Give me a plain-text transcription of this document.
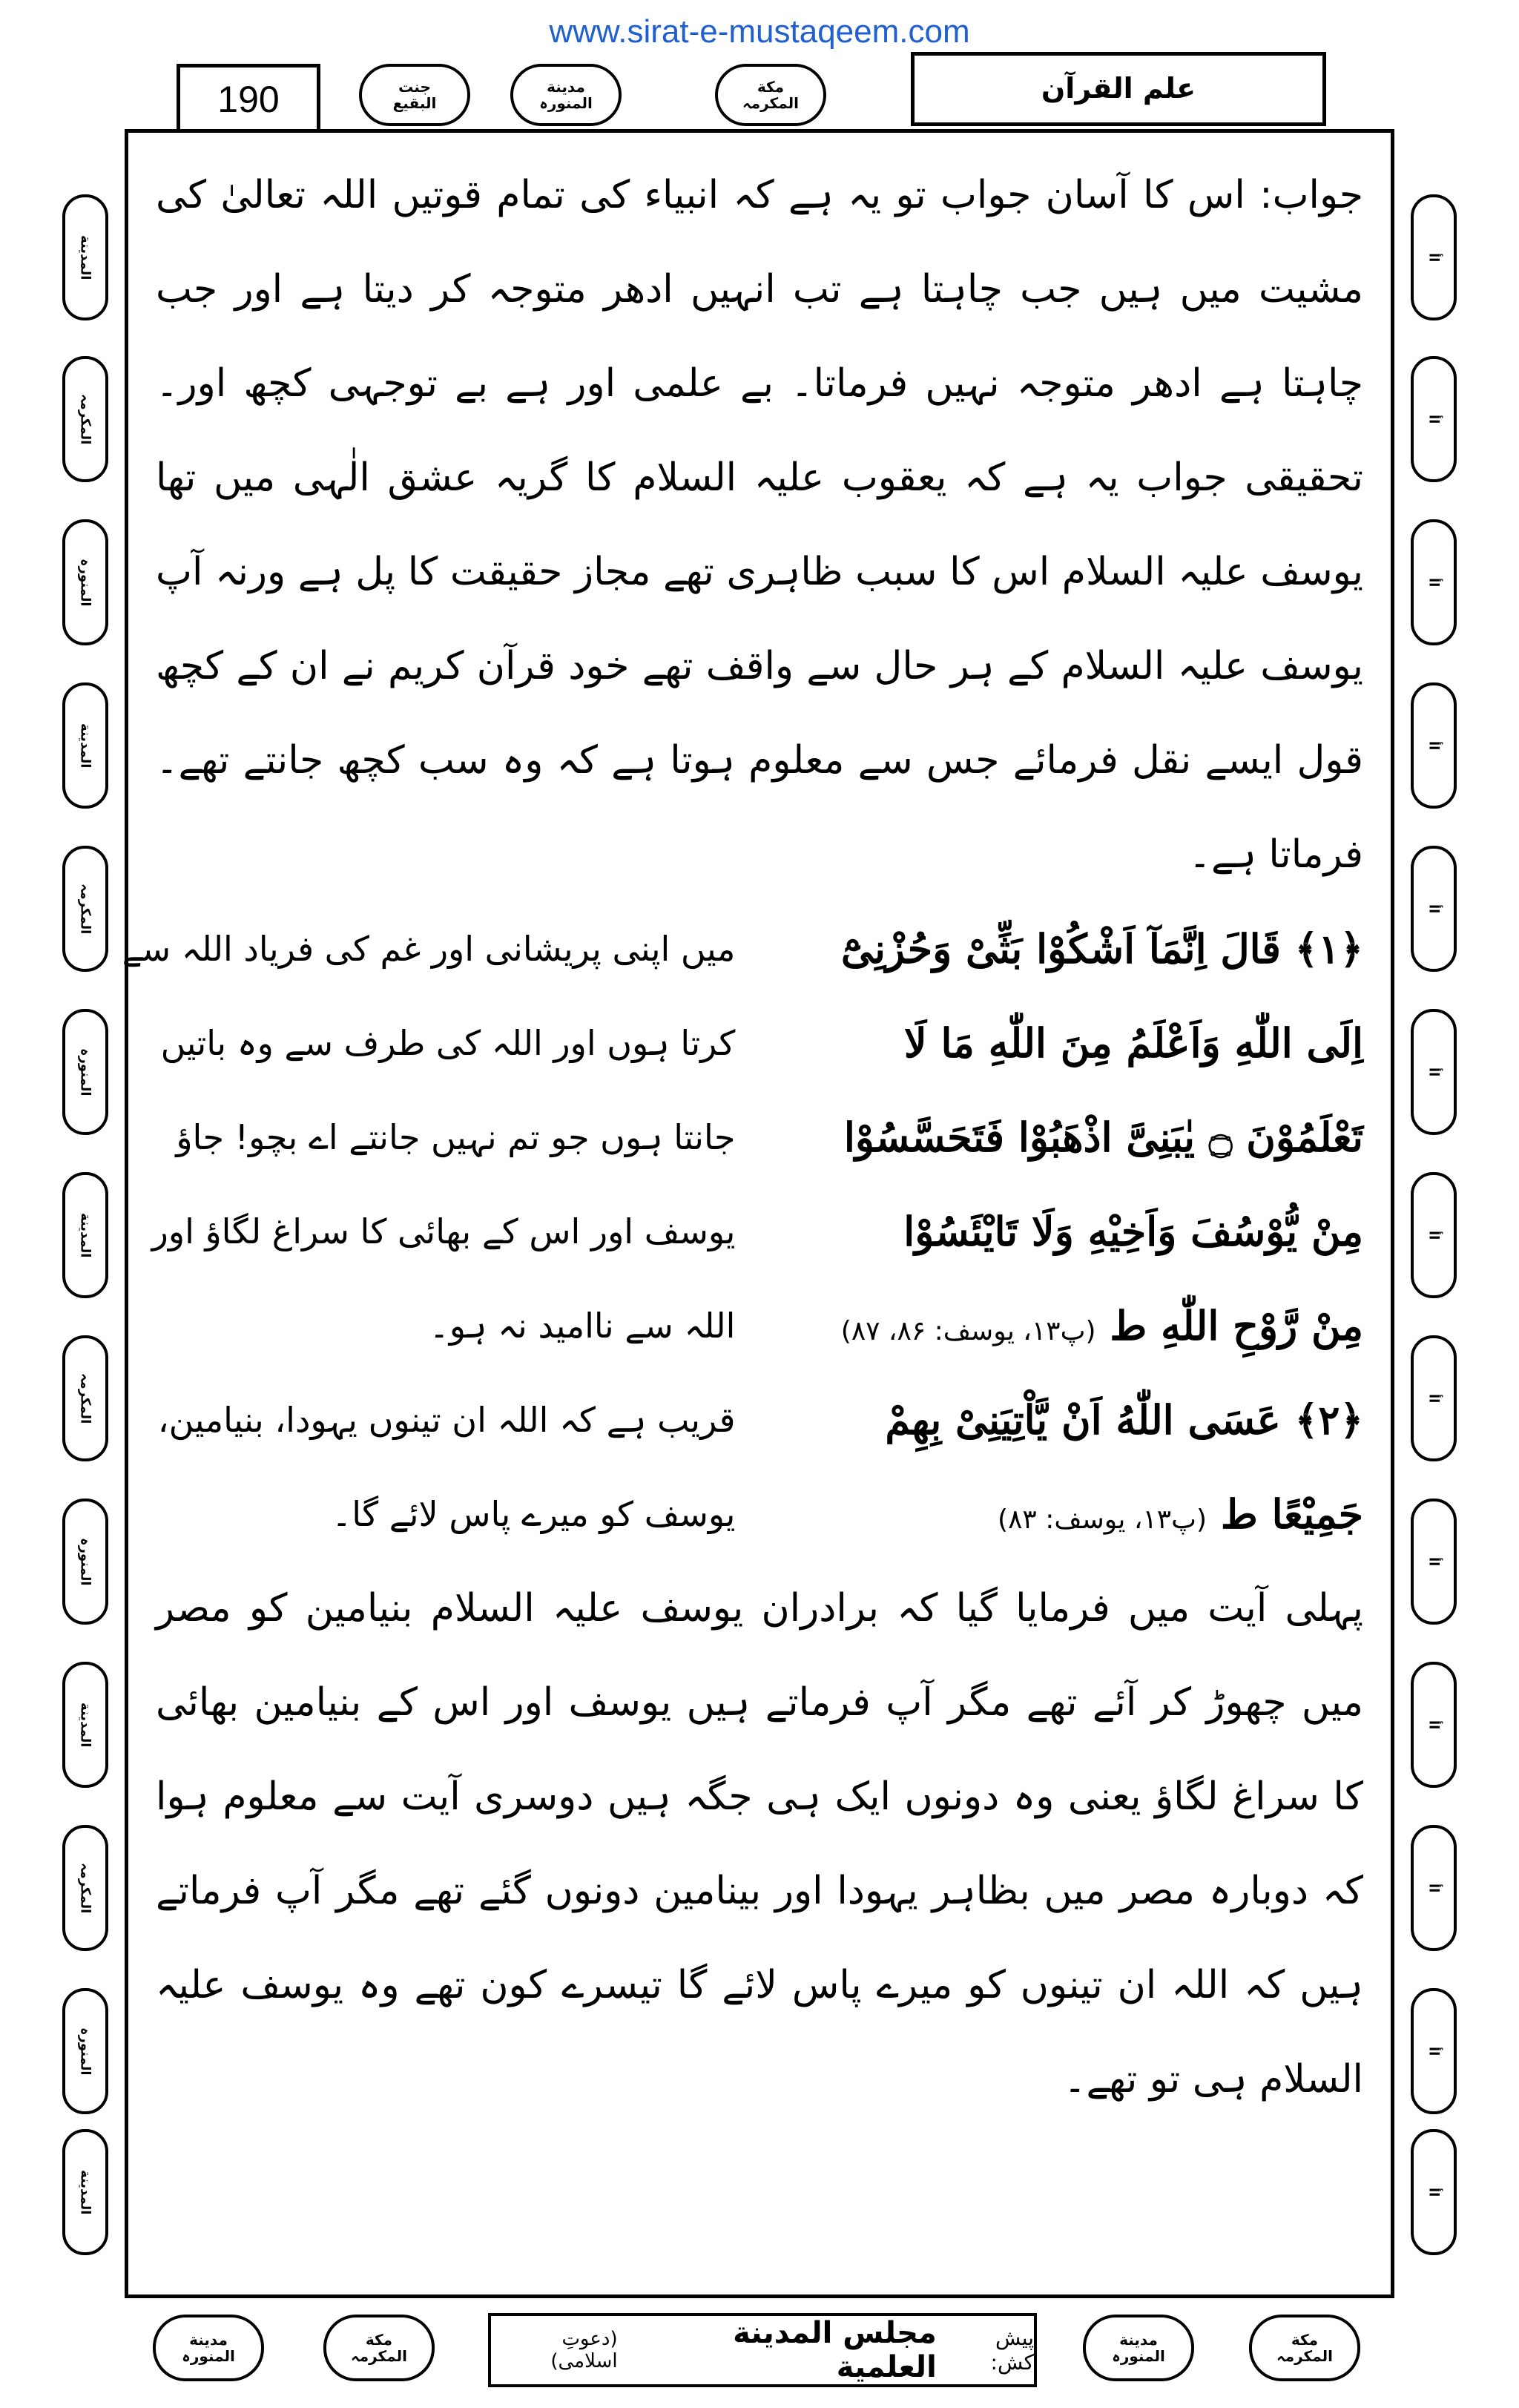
www.sirat-e-mustaqeem.com
190	جنت
البقیع
مدینة
المنورہ
مکة
المکرمہ	علم القرآن
المدینة
المکرمہ
المنورہ
المدینة
المکرمہ
المنورہ
المدینة
المکرمہ
المنورہ
المدینة
المکرمہ
المنورہ
المدینة
اأ
اأ
اأ
اأ
اأ
اأ
اأ
اأ
اأ
اأ
اأ
اأ
اأ

جواب: اس کا آسان جواب تو یہ ہے کہ انبیاء کی تمام قوتیں اللہ تعالیٰ کی مشیت میں ہیں جب چاہتا ہے تب انہیں ادھر متوجہ کر دیتا ہے اور جب چاہتا ہے ادھر متوجہ نہیں فرماتا۔ بے علمی اور ہے بے توجہی کچھ اور۔ تحقیقی جواب یہ ہے کہ یعقوب علیہ السلام کا گریہ عشق الٰہی میں تھا یوسف علیہ السلام اس کا سبب ظاہری تھے مجاز حقیقت کا پل ہے ورنہ آپ یوسف علیہ السلام کے ہر حال سے واقف تھے خود قرآن کریم نے ان کے کچھ قول ایسے نقل فرمائے جس سے معلوم ہوتا ہے کہ وہ سب کچھ جانتے تھے۔ فرماتا ہے۔

﴿۱﴾ قَالَ اِنَّمَآ اَشْكُوْا بَثِّیْ وَحُزْنِیْٓ
میں اپنی پریشانی اور غم کی فریاد اللہ سے
اِلَى اللّٰهِ وَاَعْلَمُ مِنَ اللّٰهِ مَا لَا
کرتا ہوں اور اللہ کی طرف سے وہ باتیں
تَعْلَمُوْنَ ۝ یٰبَنِیَّ اذْهَبُوْا فَتَحَسَّسُوْا
جانتا ہوں جو تم نہیں جانتے اے بچو! جاؤ
مِنْ یُّوْسُفَ وَاَخِیْهِ وَلَا تَایْئَسُوْا
یوسف اور اس کے بھائی کا سراغ لگاؤ اور
مِنْ رَّوْحِ اللّٰهِ ط (پ۱۳، یوسف: ۸۶، ۸۷)
اللہ سے ناامید نہ ہو۔
﴿۲﴾ عَسَى اللّٰهُ اَنْ یَّاْتِیَنِیْ بِهِمْ
قریب ہے کہ اللہ ان تینوں یہودا، بنیامین،
جَمِیْعًا ط (پ۱۳، یوسف: ۸۳)
یوسف کو میرے پاس لائے گا۔

پہلی آیت میں فرمایا گیا کہ برادران یوسف علیہ السلام بنیامین کو مصر میں چھوڑ کر آئے تھے مگر آپ فرماتے ہیں یوسف اور اس کے بنیامین بھائی کا سراغ لگاؤ یعنی وہ دونوں ایک ہی جگہ ہیں دوسری آیت سے معلوم ہوا کہ دوبارہ مصر میں بظاہر یہودا اور بینامین دونوں گئے تھے مگر آپ فرماتے ہیں کہ اللہ ان تینوں کو میرے پاس لائے گا تیسرے کون تھے وہ یوسف علیہ السلام ہی تو تھے۔

مدینة
المنورہ
مکة
المکرمہ
پیش کش:
مجلس المدینة العلمیة
(دعوتِ اسلامی)
مدینة
المنورہ
مکة
المکرمہ
